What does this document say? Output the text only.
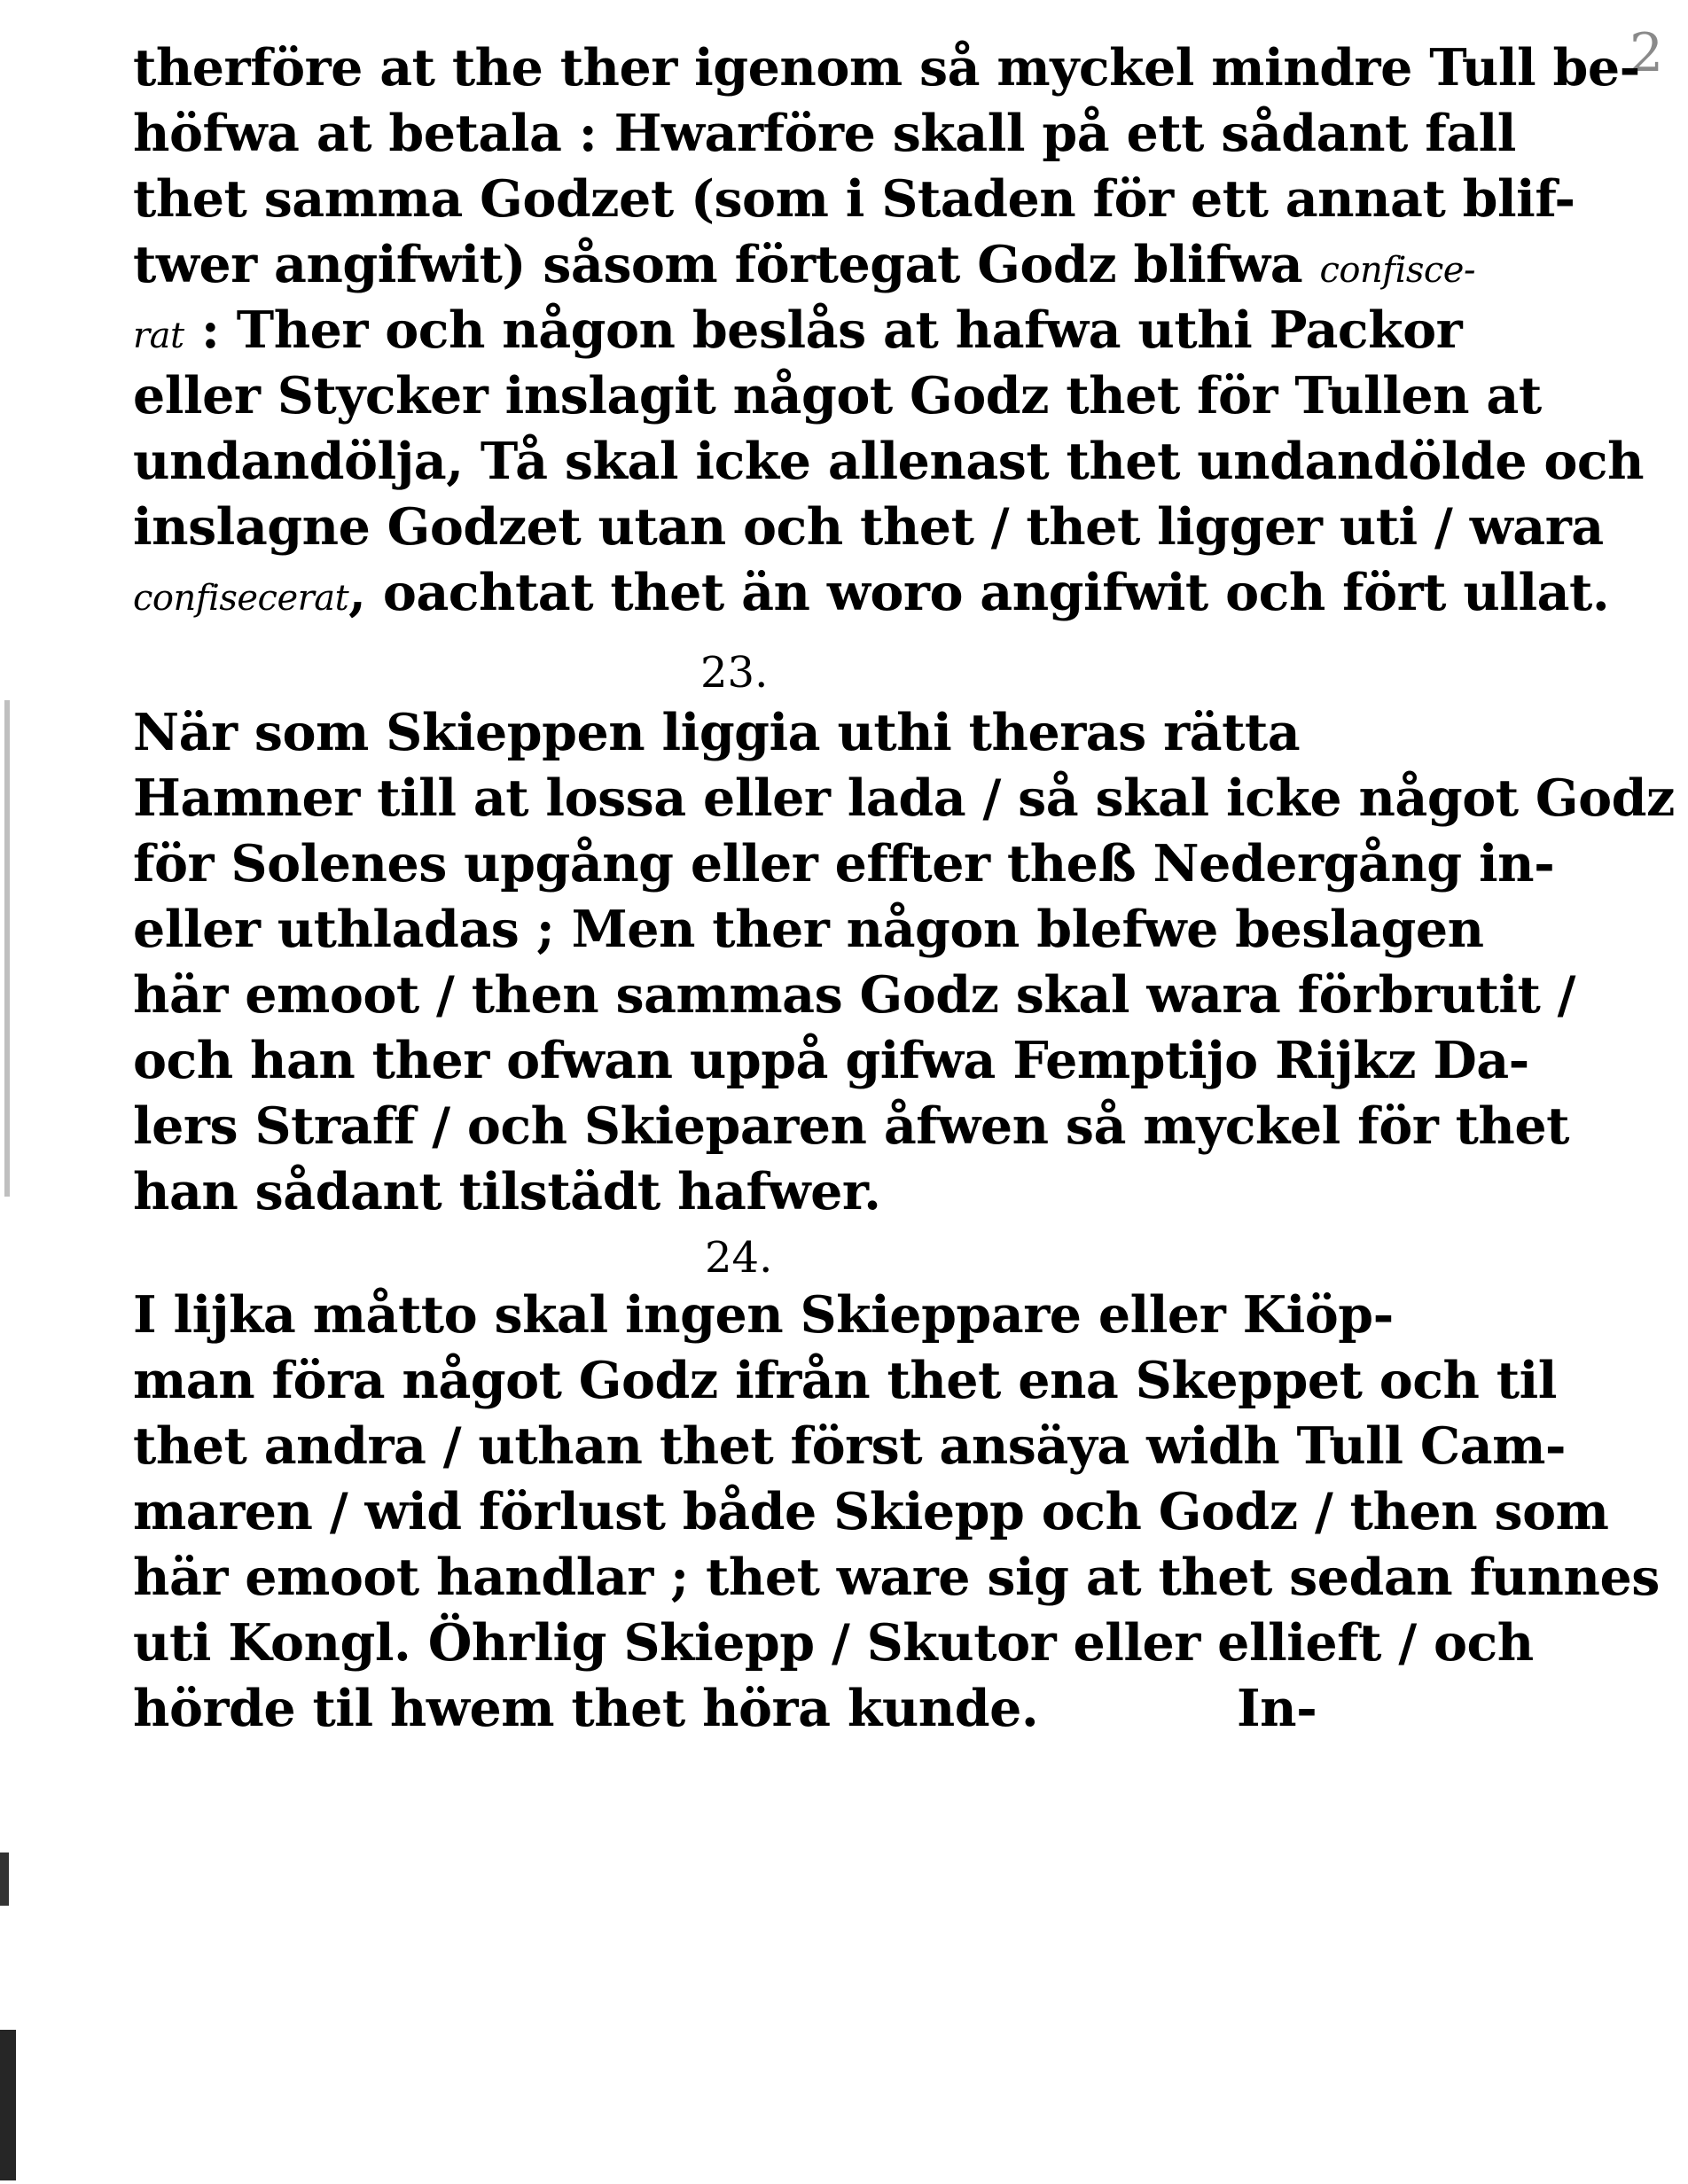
2
therföre at the ther igenom så myckel mindre Tull be-
höfwa at betala : Hwarföre skall på ett sådant fall
thet samma Godzet (som i Staden för ett annat blif-
twer angifwit) såsom förtegat Godz blifwa confisce-
rat : Ther och någon beslås at hafwa uthi Packor
eller Stycker inslagit något Godz thet för Tullen at
undandölja, Tå skal icke allenast thet undandölde och
inslagne Godzet utan och thet / thet ligger uti / wara
confisecerat, oachtat thet än woro angifwit och fört ullat.
23.
När som Skieppen liggia uthi theras rätta
Hamner till at lossa eller lada / så skal icke något Godz
för Solenes upgång eller effter theß Nedergång in-
eller uthladas ; Men ther någon blefwe beslagen
här emoot / then sammas Godz skal wara förbrutit /
och han ther ofwan uppå gifwa Femptijo Rijkz Da-
lers Straff / och Skieparen åfwen så myckel för thet
han sådant tilstädt hafwer.
24.
I lijka måtto skal ingen Skieppare eller Kiöp-
man föra något Godz ifrån thet ena Skeppet och til
thet andra / uthan thet först ansäya widh Tull Cam-
maren / wid förlust både Skiepp och Godz / then som
här emoot handlar ; thet ware sig at thet sedan funnes
uti Kongl. Öhrlig Skiepp / Skutor eller ellieft / och
hörde til hwem thet höra kunde.	In-
